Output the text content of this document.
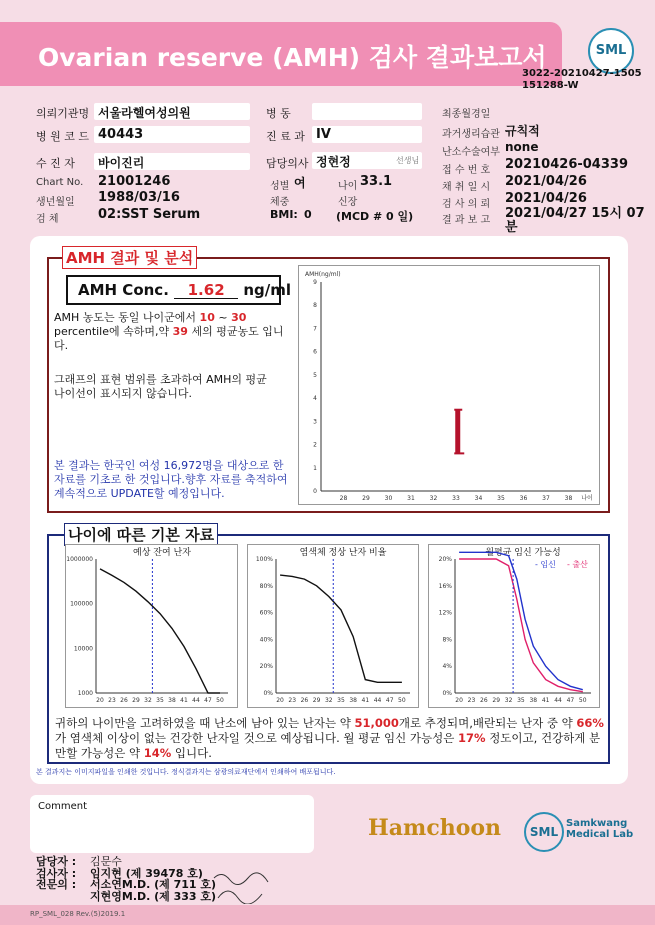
Ovarian reserve (AMH) 검사 결과보고서	SML
3022-20210427-1505
151288-W
의뢰기관명 서울라헬여성의원
병 원 코 드 40443
수 진 자 바이진리
Chart No. 21001246
생년월일 1988/03/16
검 체	02:SST Serum
병 동
진 료 과 IV
담당의사 정현정	선생님
성별 여	나이 33.1
체중	신장
BMI: 0 (MCD # 0 일)
최종월경일
과거생리습관 규칙적
난소수술여부 none
접 수 번 호 20210426-04339
채 취 일 시 2021/04/26
검 사 의 뢰 2021/04/26
결 과 보 고 2021/04/27 15시 07분
AMH 결과 및 분석
AMH Conc. 1.62 ng/ml
AMH 농도는 동일 나이군에서 10 ~ 30 percentile에 속하며,약 39 세의 평균농도 입니다.
그래프의 표현 범위를 초과하여 AMH의 평균 나이선이 표시되지 않습니다.
본 결과는 한국인 여성 16,972명을 대상으로 한 자료를 기초로 한 것입니다.향후 자료를 축적하여 계속적으로 UPDATE할 예정입니다.
AMH(ng/ml)
0
1
2
3
4
5
6
7
8
9
28 29 30 31 32 33 34 35 36 37 38 나이
나이에 따른 기본 자료
예상 잔여 난자
20 23 26 29 32 35 38 41 44 47 50
1000000
100000
10000
1000
염색체 정상 난자 비율
20 23 26 29 32 35 38 41 44 47 50
100%
80%
60%
40%
20%
0%
월평균 임신 가능성
20 23 26 29 32 35 38 41 44 47 50
20%
16%
12%
8%
4%
0%
- 임신 - 출산
귀하의 나이만을 고려하였을 때 난소에 남아 있는 난자는 약 51,000개로 추정되며,배란되는 난자 중 약 66%가 염색체 이상이 없는 건강한 난자일 것으로 예상됩니다. 월 평균 임신 가능성은 17% 정도이고, 건강하게 분만할 가능성은 약 14% 입니다.
본 결과지는 이미지파일을 인쇄한 것입니다. 정식결과지는 삼광의료재단에서 인쇄하여 배포됩니다.
Comment
담당자 : 김문수
검사자 : 임지현 (제 39478 호)
전문의 : 서소연M.D. (제 711 호)
지현영M.D. (제 333 호)
Hamchoon	SML
Samkwang
Medical Lab
RP_SML_028 Rev.(5)2019.1
